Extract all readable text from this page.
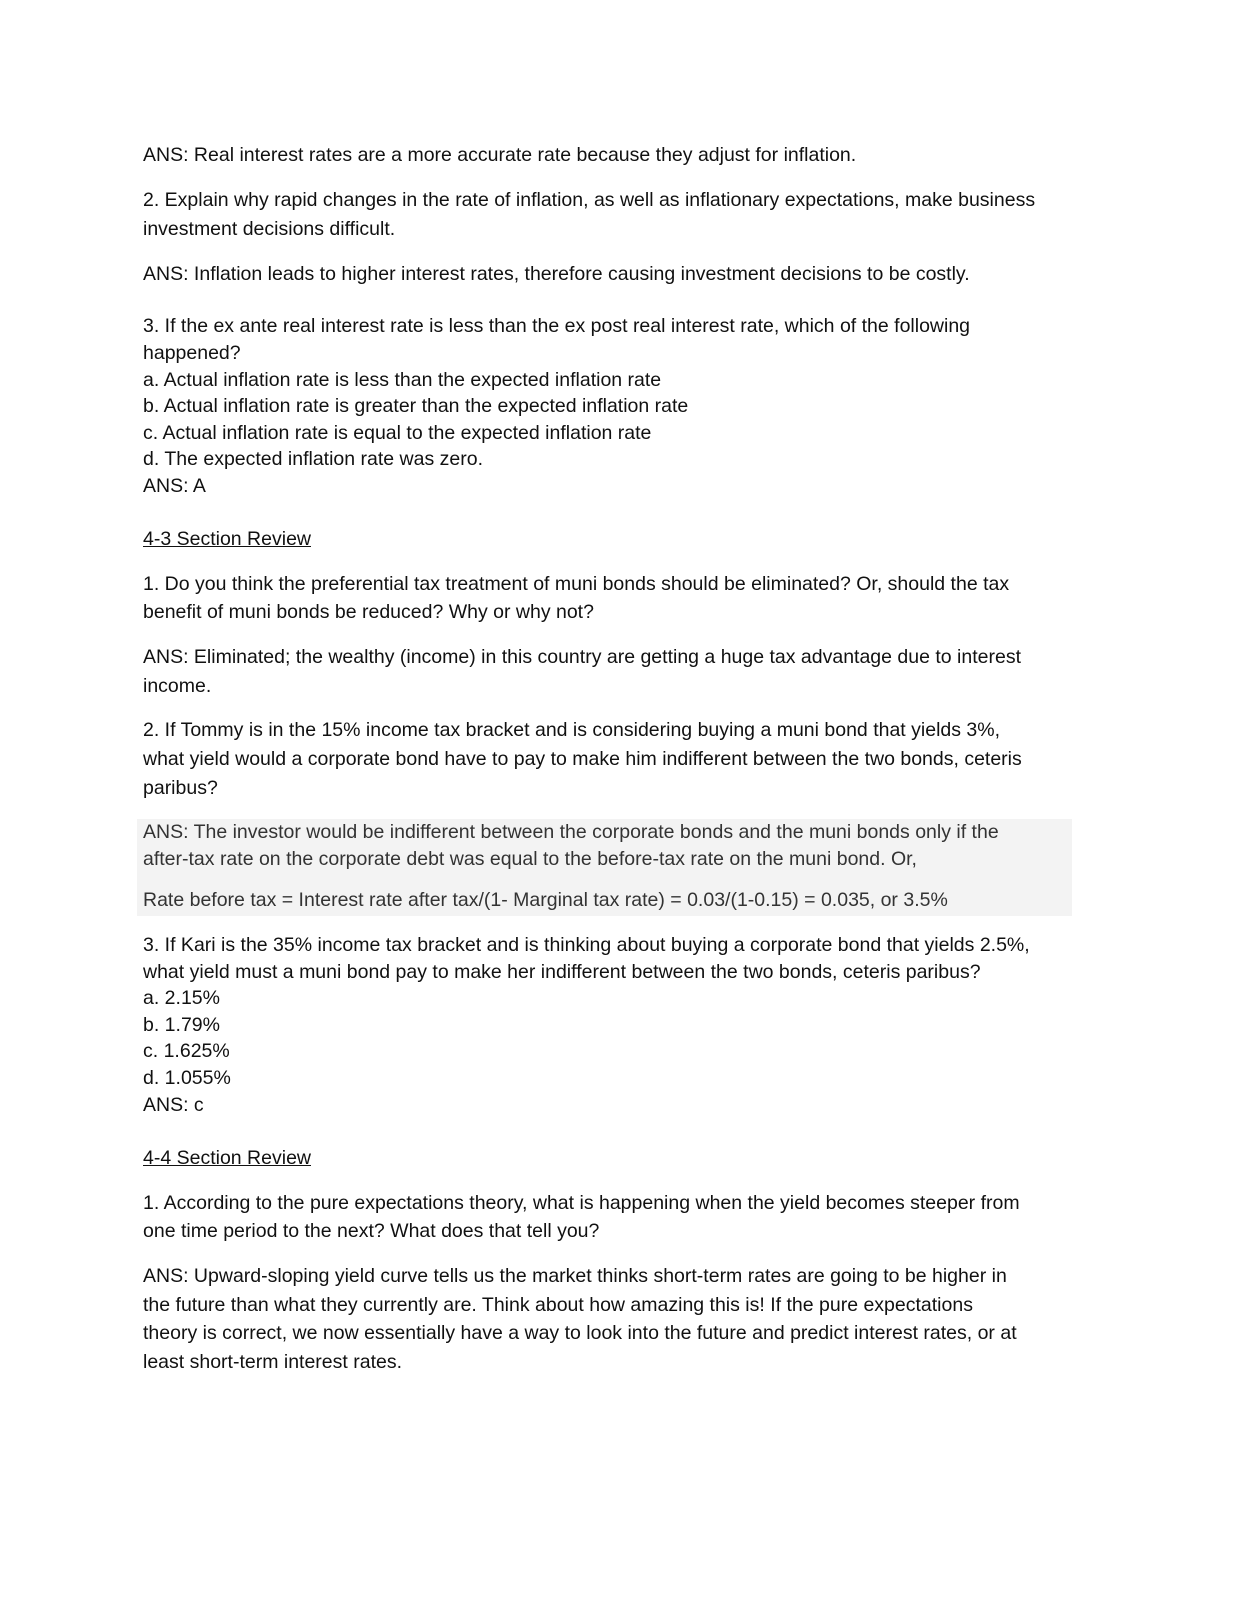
ANS: Real interest rates are a more accurate rate because they adjust for inflation.
2. Explain why rapid changes in the rate of inflation, as well as inflationary expectations, make business
investment decisions difficult.
ANS: Inflation leads to higher interest rates, therefore causing investment decisions to be costly.
3. If the ex ante real interest rate is less than the ex post real interest rate, which of the following
happened?
a. Actual inflation rate is less than the expected inflation rate
b. Actual inflation rate is greater than the expected inflation rate
c. Actual inflation rate is equal to the expected inflation rate
d. The expected inflation rate was zero.
ANS: A
4-3 Section Review
1. Do you think the preferential tax treatment of muni bonds should be eliminated? Or, should the tax
benefit of muni bonds be reduced? Why or why not?
ANS: Eliminated; the wealthy (income) in this country are getting a huge tax advantage due to interest
income.
2. If Tommy is in the 15% income tax bracket and is considering buying a muni bond that yields 3%,
what yield would a corporate bond have to pay to make him indifferent between the two bonds, ceteris
paribus?
ANS: The investor would be indifferent between the corporate bonds and the muni bonds only if the
after-tax rate on the corporate debt was equal to the before-tax rate on the muni bond. Or,
Rate before tax = Interest rate after tax/(1- Marginal tax rate) = 0.03/(1-0.15) = 0.035, or 3.5%
3. If Kari is the 35% income tax bracket and is thinking about buying a corporate bond that yields 2.5%,
what yield must a muni bond pay to make her indifferent between the two bonds, ceteris paribus?
a. 2.15%
b. 1.79%
c. 1.625%
d. 1.055%
ANS: c
4-4 Section Review
1. According to the pure expectations theory, what is happening when the yield becomes steeper from
one time period to the next? What does that tell you?
ANS: Upward-sloping yield curve tells us the market thinks short-term rates are going to be higher in
the future than what they currently are. Think about how amazing this is! If the pure expectations
theory is correct, we now essentially have a way to look into the future and predict interest rates, or at
least short-term interest rates.
